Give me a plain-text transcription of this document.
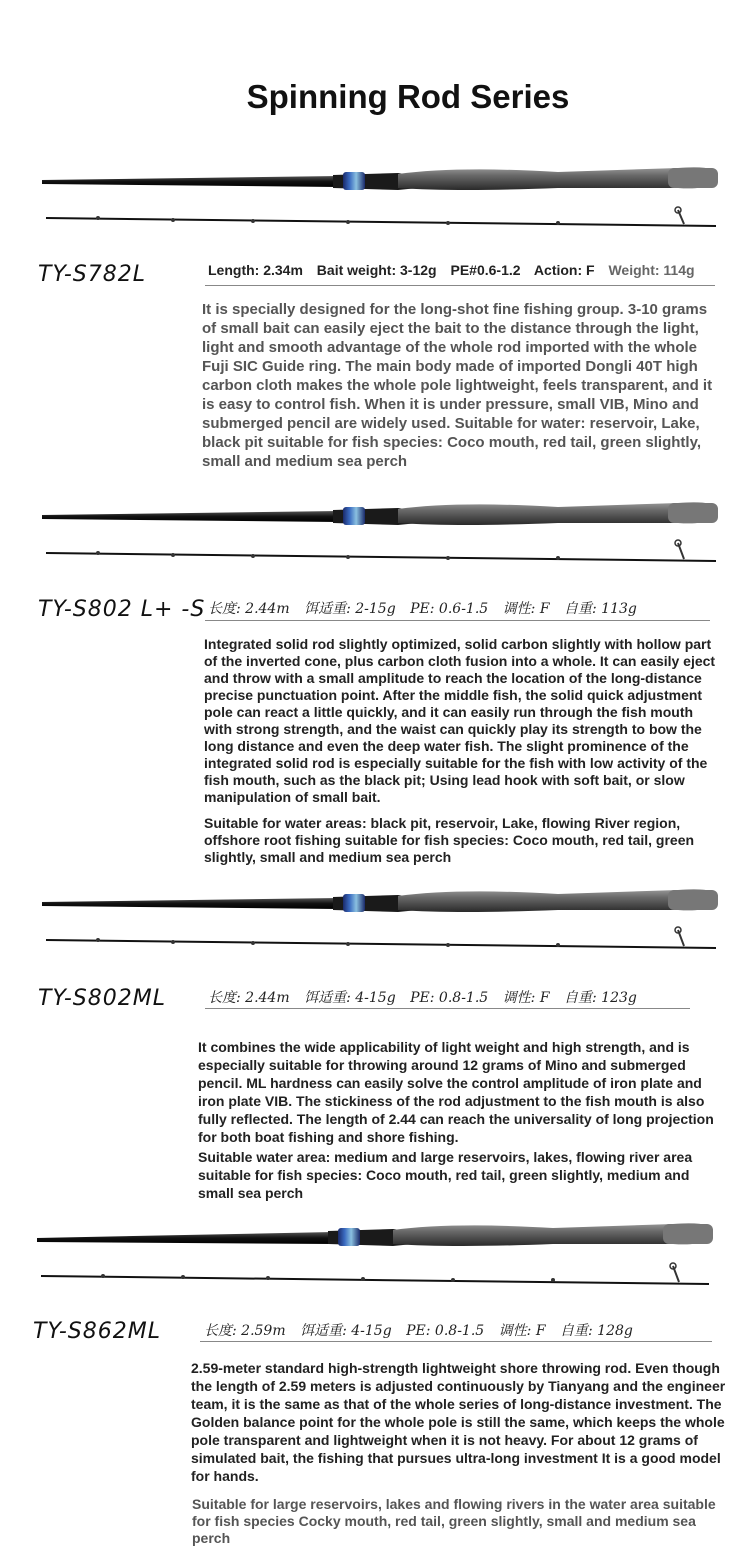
Spinning Rod Series
TY-S782L	Length: 2.34m Bait weight: 3-12g PE#0.6-1.2 Action: F Weight: 114g
It is specially designed for the long-shot fine fishing group. 3-10 grams of small bait can easily eject the bait to the distance through the light, light and smooth advantage of the whole rod imported with the whole Fuji SIC Guide ring. The main body made of imported Dongli 40T high carbon cloth makes the whole pole lightweight, feels transparent, and it is easy to control fish. When it is under pressure, small VIB, Mino and submerged pencil are widely used. Suitable for water: reservoir, Lake, black pit suitable for fish species: Coco mouth, red tail, green slightly, small and medium sea perch
TY-S802 L+ -S 长度: 2.44m 饵适重: 2-15g PE: 0.6-1.5 调性: F 自重: 113g
Integrated solid rod slightly optimized, solid carbon slightly with hollow part of the inverted cone, plus carbon cloth fusion into a whole. It can easily eject and throw with a small amplitude to reach the location of the long-distance precise punctuation point. After the middle fish, the solid quick adjustment pole can react a little quickly, and it can easily run through the fish mouth with strong strength, and the waist can quickly play its strength to bow the long distance and even the deep water fish. The slight prominence of the integrated solid rod is especially suitable for the fish with low activity of the fish mouth, such as the black pit; Using lead hook with soft bait, or slow manipulation of small bait.
Suitable for water areas: black pit, reservoir, Lake, flowing River region, offshore root fishing suitable for fish species: Coco mouth, red tail, green slightly, small and medium sea perch
TY-S802ML	长度: 2.44m 饵适重: 4-15g PE: 0.8-1.5 调性: F 自重: 123g
It combines the wide applicability of light weight and high strength, and is especially suitable for throwing around 12 grams of Mino and submerged pencil. ML hardness can easily solve the control amplitude of iron plate and iron plate VIB. The stickiness of the rod adjustment to the fish mouth is also fully reflected. The length of 2.44 can reach the universality of long projection for both boat fishing and shore fishing.
Suitable water area: medium and large reservoirs, lakes, flowing river area suitable for fish species: Coco mouth, red tail, green slightly, medium and small sea perch
TY-S862ML	长度: 2.59m 饵适重: 4-15g PE: 0.8-1.5 调性: F 自重: 128g
2.59-meter standard high-strength lightweight shore throwing rod. Even though the length of 2.59 meters is adjusted continuously by Tianyang and the engineer team, it is the same as that of the whole series of long-distance investment. The Golden balance point for the whole pole is still the same, which keeps the whole pole transparent and lightweight when it is not heavy. For about 12 grams of simulated bait, the fishing that pursues ultra-long investment It is a good model for hands.
Suitable for large reservoirs, lakes and flowing rivers in the water area suitable for fish species Cocky mouth, red tail, green slightly, small and medium sea perch
